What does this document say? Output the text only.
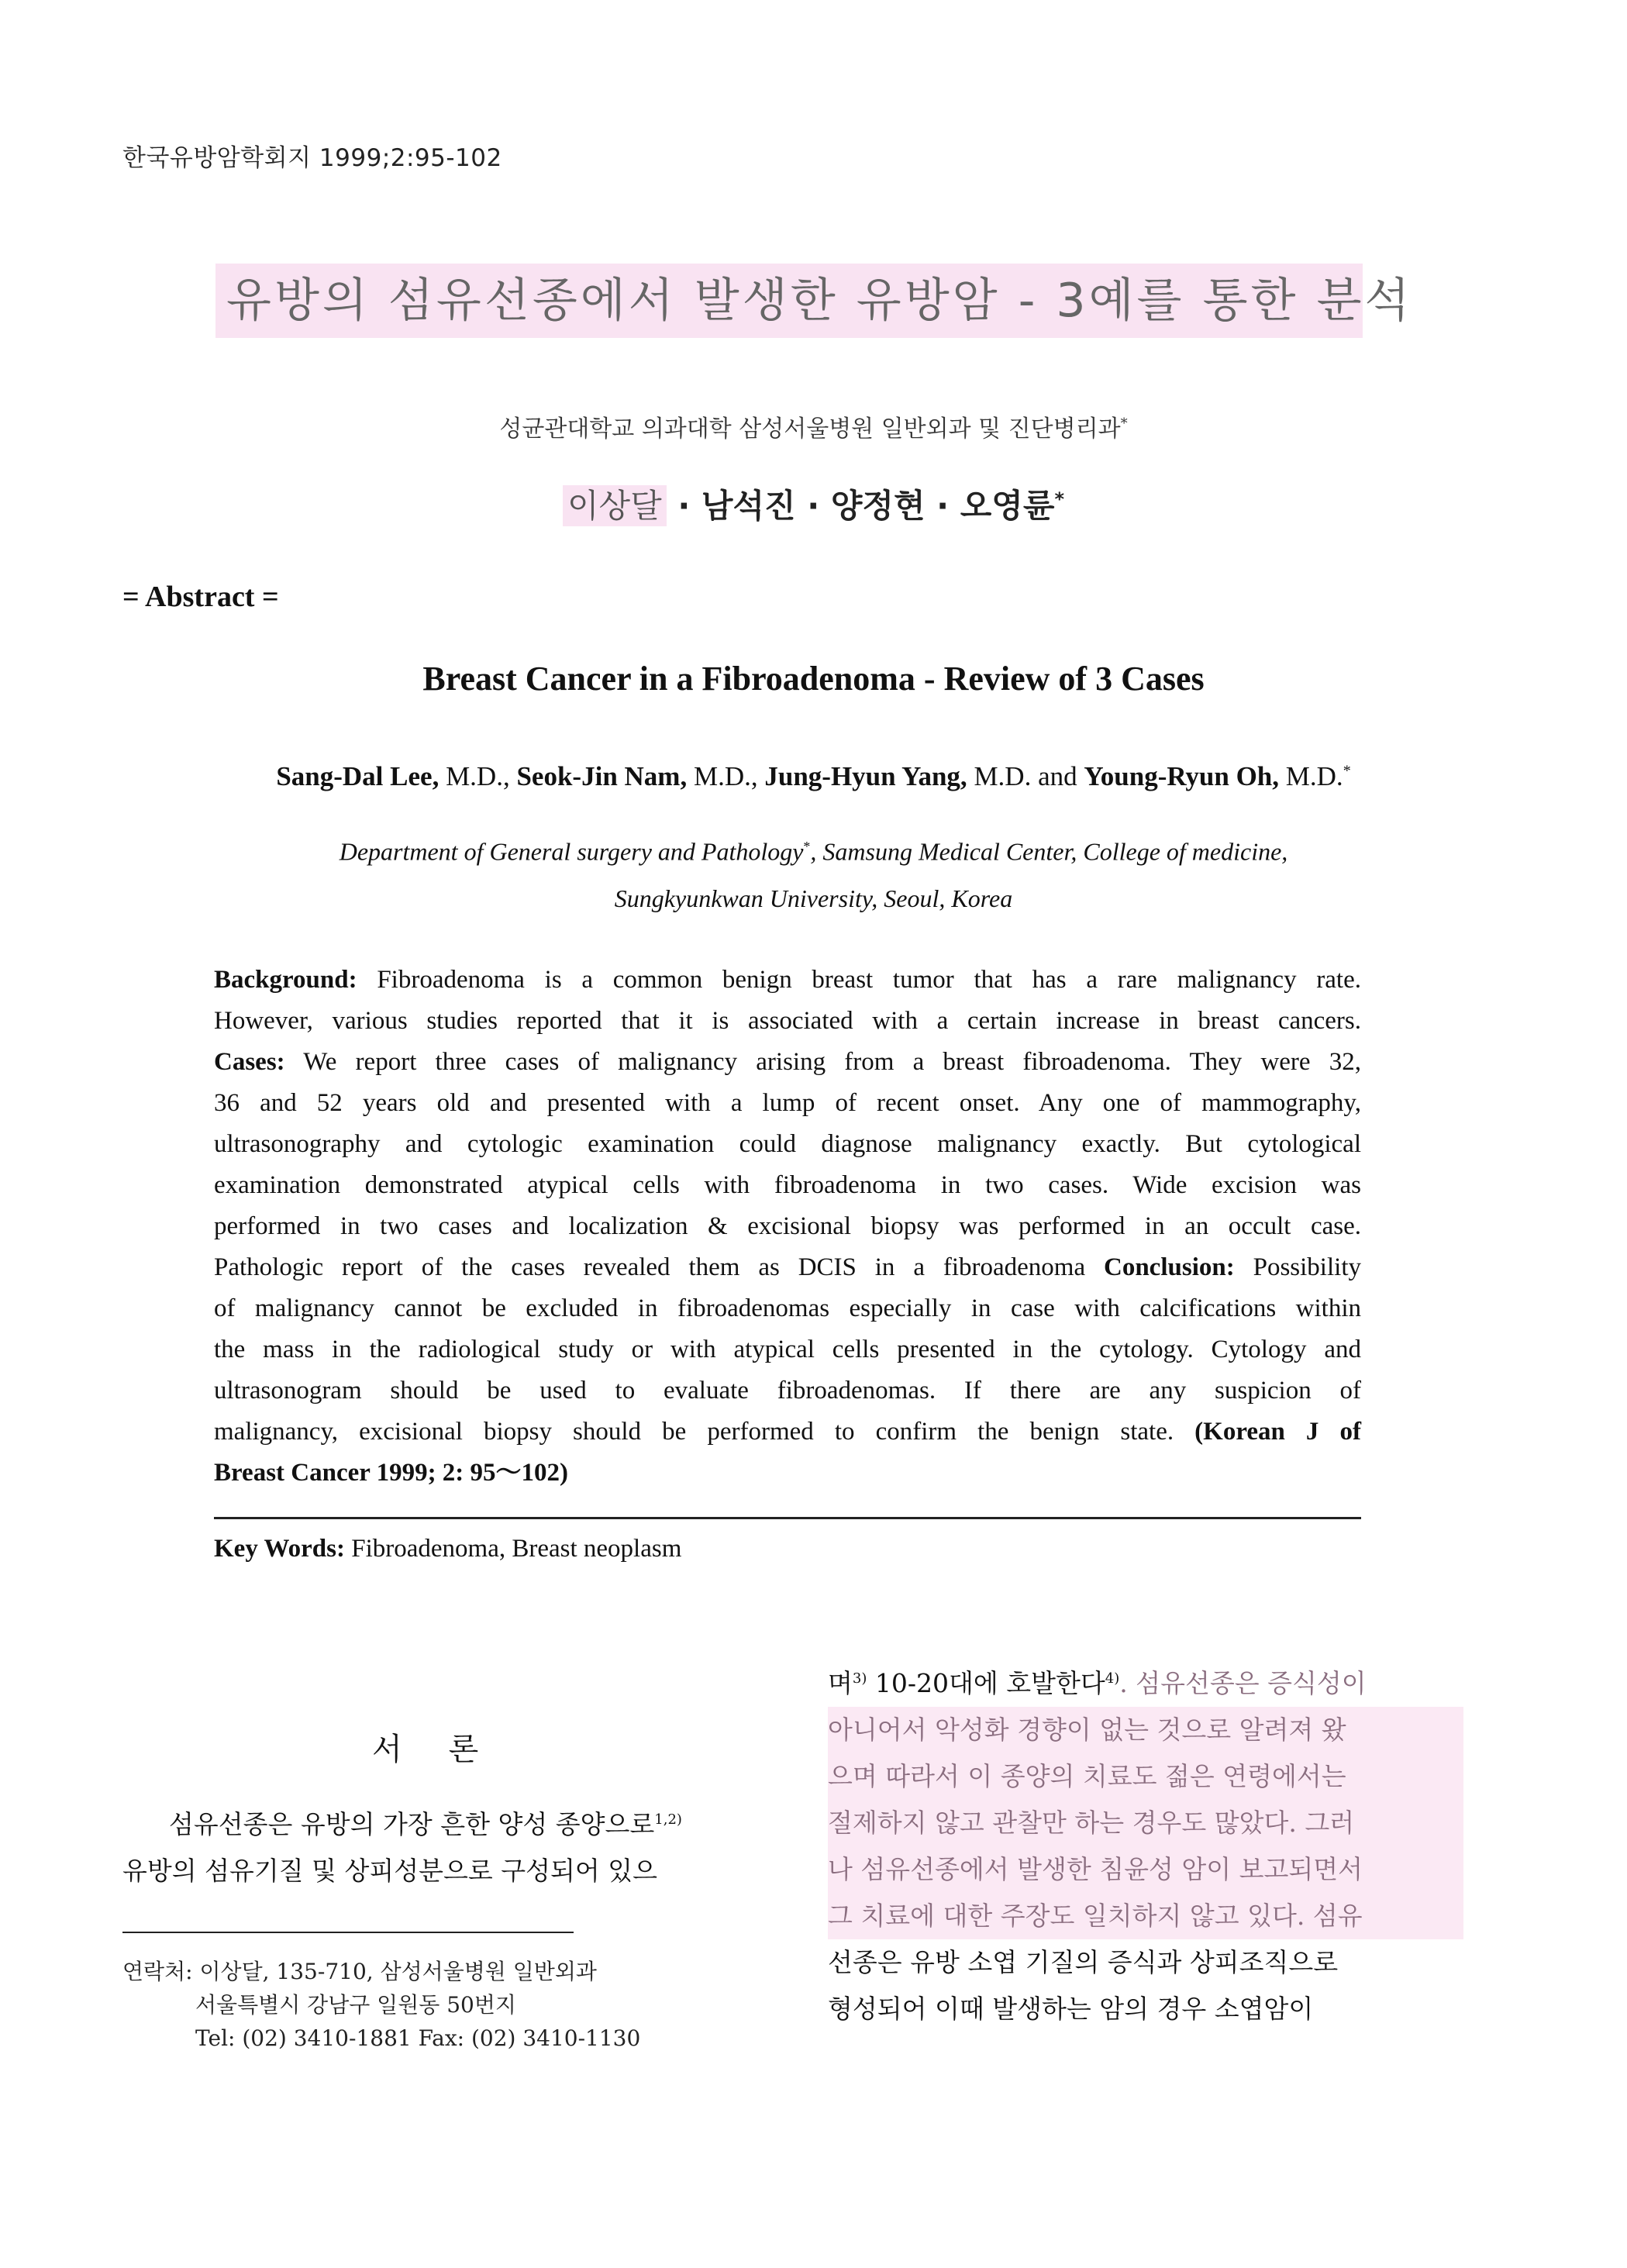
한국유방암학회지 1999;2:95-102
유방의 섬유선종에서 발생한 유방암 - 3예를 통한 분석
성균관대학교 의과대학 삼성서울병원 일반외과 및 진단병리과*
이상달 · 남석진 · 양정현 · 오영륜*
= Abstract =
Breast Cancer in a Fibroadenoma - Review of 3 Cases
Sang-Dal Lee, M.D., Seok-Jin Nam, M.D., Jung-Hyun Yang, M.D. and Young-Ryun Oh, M.D.*
Department of General surgery and Pathology*, Samsung Medical Center, College of medicine,
Sungkyunkwan University, Seoul, Korea
Background: Fibroadenoma is a common benign breast tumor that has a rare malignancy rate.
However, various studies reported that it is associated with a certain increase in breast cancers.
Cases: We report three cases of malignancy arising from a breast fibroadenoma. They were 32,
36 and 52 years old and presented with a lump of recent onset. Any one of mammography,
ultrasonography and cytologic examination could diagnose malignancy exactly. But cytological
examination demonstrated atypical cells with fibroadenoma in two cases. Wide excision was
performed in two cases and localization & excisional biopsy was performed in an occult case.
Pathologic report of the cases revealed them as DCIS in a fibroadenoma Conclusion: Possibility
of malignancy cannot be excluded in fibroadenomas especially in case with calcifications within
the mass in the radiological study or with atypical cells presented in the cytology. Cytology and
ultrasonogram should be used to evaluate fibroadenomas. If there are any suspicion of
malignancy, excisional biopsy should be performed to confirm the benign state. (Korean J of
Breast Cancer 1999; 2: 95～102)
Key Words: Fibroadenoma, Breast neoplasm
서론
섬유선종은 유방의 가장 흔한 양성 종양으로$^{1,2)}$
유방의 섬유기질 및 상피성분으로 구성되어 있으
연락처: 이상달, 135-710, 삼성서울병원 일반외과
서울특별시 강남구 일원동 50번지
Tel: (02) 3410-1881 Fax: (02) 3410-1130
며$^{3)}$ 10-20대에 호발한다$^{4)}$. 섬유선종은 증식성이
아니어서 악성화 경향이 없는 것으로 알려져 왔
으며 따라서 이 종양의 치료도 젊은 연령에서는
절제하지 않고 관찰만 하는 경우도 많았다. 그러
나 섬유선종에서 발생한 침윤성 암이 보고되면서
그 치료에 대한 주장도 일치하지 않고 있다. 섬유
선종은 유방 소엽 기질의 증식과 상피조직으로
형성되어 이때 발생하는 암의 경우 소엽암이
